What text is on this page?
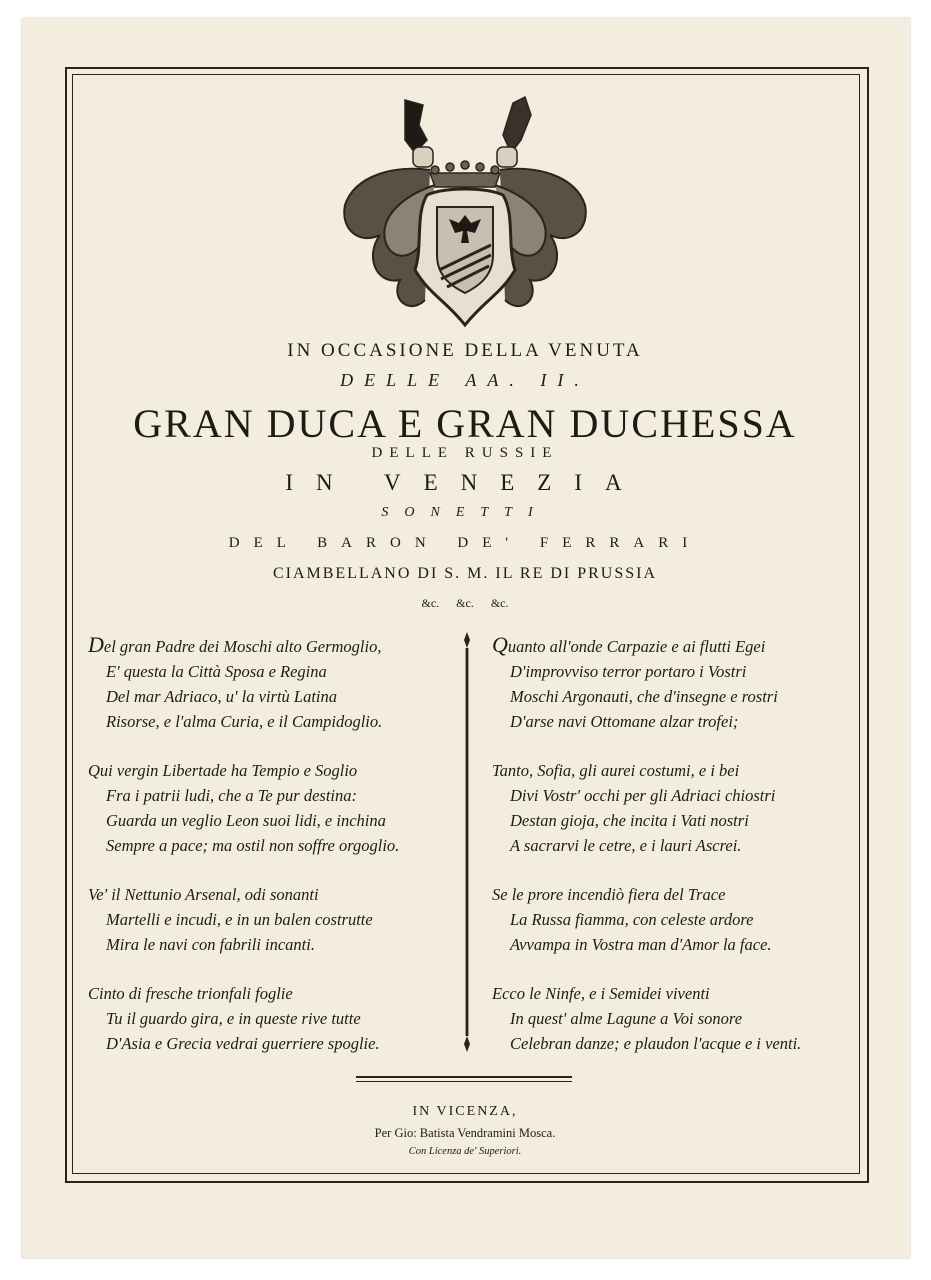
IN OCCASIONE DELLA VENUTA

DELLE AA. II.

GRAN DUCA E GRAN DUCHESSA

DELLE RUSSIE

IN VENEZIA

SONETTI

DEL BARON DE' FERRARI

CIAMBELLANO DI S. M. IL RE DI PRUSSIA

&c. &c. &c.

Del gran Padre dei Moschi alto Germoglio,
E' questa la Città Sposa e Regina
Del mar Adriaco, u' la virtù Latina
Risorse, e l'alma Curia, e il Campidoglio.
Qui vergin Libertade ha Tempio e Soglio
Fra i patrii ludi, che a Te pur destina:
Guarda un veglio Leon suoi lidi, e inchina
Sempre a pace; ma ostil non soffre orgoglio.
Ve' il Nettunio Arsenal, odi sonanti
Martelli e incudi, e in un balen costrutte
Mira le navi con fabrili incanti.
Cinto di fresche trionfali foglie
Tu il guardo gira, e in queste rive tutte
D'Asia e Grecia vedrai guerriere spoglie.
Quanto all'onde Carpazie e ai flutti Egei
D'improvviso terror portaro i Vostri
Moschi Argonauti, che d'insegne e rostri
D'arse navi Ottomane alzar trofei;
Tanto, Sofia, gli aurei costumi, e i bei
Divi Vostr' occhi per gli Adriaci chiostri
Destan gioja, che incita i Vati nostri
A sacrarvi le cetre, e i lauri Ascrei.
Se le prore incendiò fiera del Trace
La Russa fiamma, con celeste ardore
Avvampa in Vostra man d'Amor la face.
Ecco le Ninfe, e i Semidei viventi
In quest' alme Lagune a Voi sonore
Celebran danze; e plaudon l'acque e i venti.

IN VICENZA,

Per Gio: Batista Vendramini Mosca.

Con Licenza de' Superiori.
